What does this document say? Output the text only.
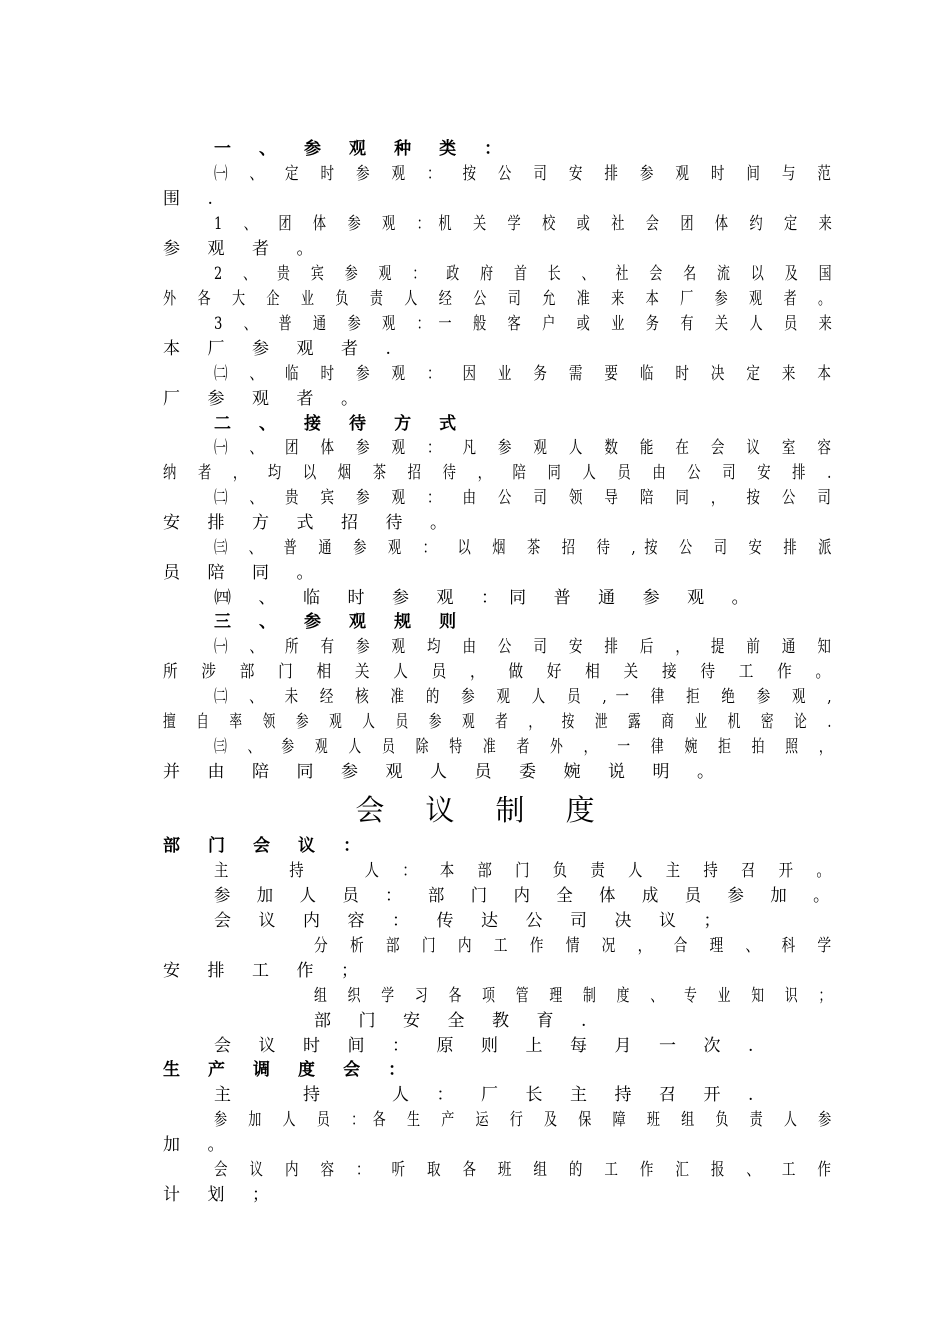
一 、 参 观 种 类 ：
㈠ 、 定 时 参 观 ： 按 公 司 安 排 参 观 时 间 与 范
围 .
1 、 团 体 参 观 ：机 关 学 校 或 社 会 团 体 约 定 来
参 观 者 。
2 、 贵 宾 参 观 ： 政 府 首 长 、 社 会 名 流 以 及 国
外 各 大 企 业 负 责 人 经 公 司 允 准 来 本 厂 参 观 者 。
3 、 普 通 参 观 ：一 般 客 户 或 业 务 有 关 人 员 来
本 厂 参 观 者 .
㈡ 、 临 时 参 观 ： 因 业 务 需 要 临 时 决 定 来 本
厂 参 观 者 。
二 、 接 待 方 式
㈠ 、 团 体 参 观 ： 凡 参 观 人 数 能 在 会 议 室 容
纳 者 ， 均 以 烟 茶 招 待 ， 陪 同 人 员 由 公 司 安 排 .
㈡ 、 贵 宾 参 观 ： 由 公 司 领 导 陪 同 ， 按 公 司
安 排 方 式 招 待 。
㈢ 、 普 通 参 观 ： 以 烟 茶 招 待 ,按 公 司 安 排 派
员 陪 同 。
㈣ 、 临 时 参 观 ：同 普 通 参 观 。
三 、 参 观 规 则
㈠ 、 所 有 参 观 均 由 公 司 安 排 后 ， 提 前 通 知
所 涉 部 门 相 关 人 员 ， 做 好 相 关 接 待 工 作 。
㈡ 、 未 经 核 准 的 参 观 人 员 ,一 律 拒 绝 参 观 ,
擅 自 率 领 参 观 人 员 参 观 者 ， 按 泄 露 商 业 机 密 论 .
㈢ 、 参 观 人 员 除 特 准 者 外 ， 一 律 婉 拒 拍 照 ，
并 由 陪 同 参 观 人 员 委 婉 说 明 。
会 议 制 度
部 门 会 议 ：
主 　 持 　 人 ： 本 部 门 负 责 人 主 持 召 开 。
参 加 人 员 ： 部 门 内 全 体 成 员 参 加 。
会 议 内 容 ： 传 达 公 司 决 议 ；
分 析 部 门 内 工 作 情 况 ， 合 理 、 科 学
安 排 工 作 ；
组 织 学 习 各 项 管 理 制 度 、 专 业 知 识 ；
部 门 安 全 教 育 .
会 议 时 间 ： 原 则 上 每 月 一 次 .
生 产 调 度 会 ：
主 　 持 　 人 ： 厂 长 主 持 召 开 .
参 加 人 员 ：各 生 产 运 行 及 保 障 班 组 负 责 人 参
加 。
会 议 内 容 ： 听 取 各 班 组 的 工 作 汇 报 、 工 作
计 划 ；
